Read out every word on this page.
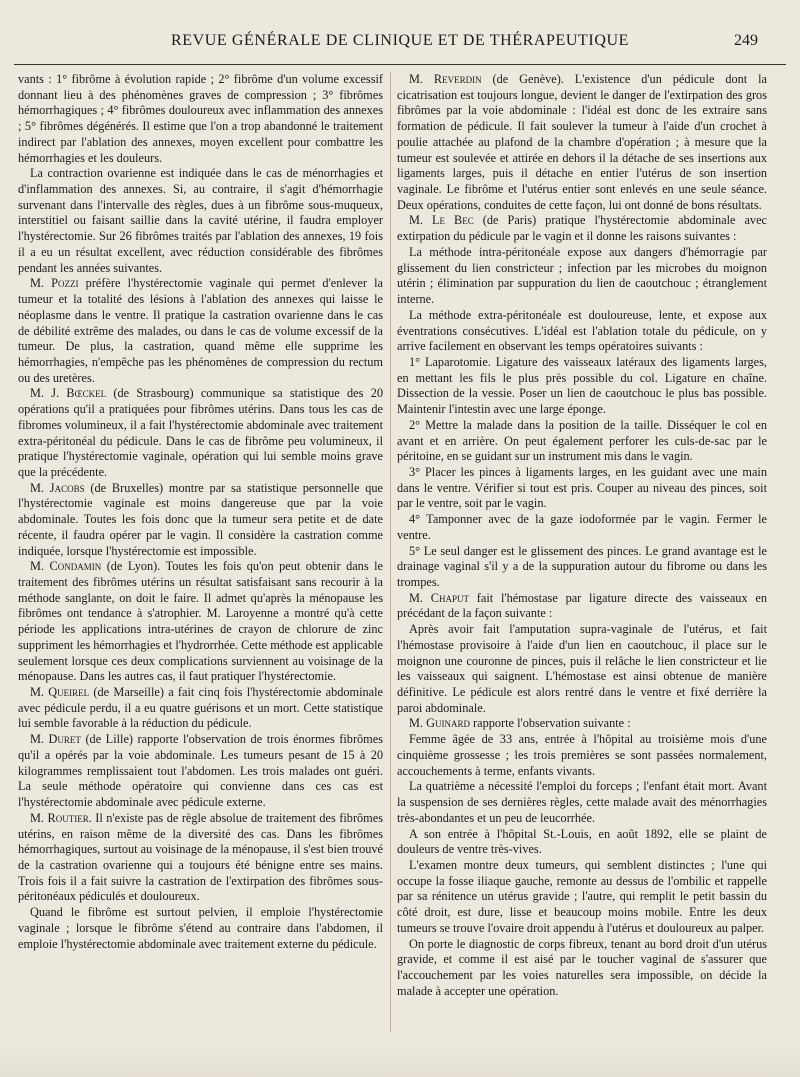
REVUE GÉNÉRALE DE CLINIQUE ET DE THÉRAPEUTIQUE	249

vants : 1° fibrôme à évolution rapide ; 2° fibrôme d'un volume excessif donnant lieu à des phénomènes graves de compression ; 3° fibrômes hémorrhagiques ; 4° fibrômes douloureux avec inflammation des annexes ; 5° fibrômes dégénérés. Il estime que l'on a trop abandonné le traitement indirect par l'ablation des annexes, moyen excellent pour combattre les hémorrhagies et les douleurs.

La contraction ovarienne est indiquée dans le cas de ménorrhagies et d'inflammation des annexes. Si, au contraire, il s'agit d'hémorrhagie survenant dans l'intervalle des règles, dues à un fibrôme sous-muqueux, interstitiel ou faisant saillie dans la cavité utérine, il faudra employer l'hystérectomie. Sur 26 fibrômes traités par l'ablation des annexes, 19 fois il a eu un résultat excellent, avec réduction considérable des fibrômes pendant les années suivantes.

M. Pozzi préfère l'hystérectomie vaginale qui permet d'enlever la tumeur et la totalité des lésions à l'ablation des annexes qui laisse le néoplasme dans le ventre. Il pratique la castration ovarienne dans le cas de débilité extrême des malades, ou dans le cas de volume excessif de la tumeur. De plus, la castration, quand même elle supprime les hémorrhagies, n'empêche pas les phénomènes de compression du rectum ou des uretères.

M. J. Bœckel (de Strasbourg) communique sa statistique des 20 opérations qu'il a pratiquées pour fibrômes utérins. Dans tous les cas de fibromes volumineux, il a fait l'hystérectomie abdominale avec traitement extra-péritonéal du pédicule. Dans le cas de fibrôme peu volumineux, il pratique l'hystérectomie vaginale, opération qui lui semble moins grave que la précédente.

M. Jacobs (de Bruxelles) montre par sa statistique personnelle que l'hystérectomie vaginale est moins dangereuse que par la voie abdominale. Toutes les fois donc que la tumeur sera petite et de date récente, il faudra opérer par le vagin. Il considère la castration comme indiquée, lorsque l'hystérectomie est impossible.

M. Condamin (de Lyon). Toutes les fois qu'on peut obtenir dans le traitement des fibrômes utérins un résultat satisfaisant sans recourir à la méthode sanglante, on doit le faire. Il admet qu'après la ménopause les fibrômes ont tendance à s'atrophier. M. Laroyenne a montré qu'à cette période les applications intra-utérines de crayon de chlorure de zinc suppriment les hémorrhagies et l'hydrorrhée. Cette méthode est applicable seulement lorsque ces deux complications surviennent au voisinage de la ménopause. Dans les autres cas, il faut pratiquer l'hystérectomie.

M. Queirel (de Marseille) a fait cinq fois l'hystérectomie abdominale avec pédicule perdu, il a eu quatre guérisons et un mort. Cette statistique lui semble favorable à la réduction du pédicule.

M. Duret (de Lille) rapporte l'observation de trois énormes fibrômes qu'il a opérés par la voie abdominale. Les tumeurs pesant de 15 à 20 kilogrammes remplissaient tout l'abdomen. Les trois malades ont guéri. La seule méthode opératoire qui convienne dans ces cas est l'hystérectomie abdominale avec pédicule externe.

M. Routier. Il n'existe pas de règle absolue de traitement des fibrômes utérins, en raison même de la diversité des cas. Dans les fibrômes hémorrhagiques, surtout au voisinage de la ménopause, il s'est bien trouvé de la castration ovarienne qui a toujours été bénigne entre ses mains. Trois fois il a fait suivre la castration de l'extirpation des fibrômes sous-péritonéaux pédiculés et douloureux.

Quand le fibrôme est surtout pelvien, il emploie l'hystérectomie vaginale ; lorsque le fibrôme s'étend au contraire dans l'abdomen, il emploie l'hystérectomie abdominale avec traitement externe du pédicule.

M. Reverdin (de Genève). L'existence d'un pédicule dont la cicatrisation est toujours longue, devient le danger de l'extirpation des gros fibrômes par la voie abdominale : l'idéal est donc de les extraire sans formation de pédicule. Il fait soulever la tumeur à l'aide d'un crochet à poulie attachée au plafond de la chambre d'opération ; à mesure que la tumeur est soulevée et attirée en dehors il la détache de ses insertions aux ligaments larges, puis il détache en entier l'utérus de son insertion vaginale. Le fibrôme et l'utérus entier sont enlevés en une seule séance. Deux opérations, conduites de cette façon, lui ont donné de bons résultats.

M. Le Bec (de Paris) pratique l'hystérectomie abdominale avec extirpation du pédicule par le vagin et il donne les raisons suivantes :

La méthode intra-péritonéale expose aux dangers d'hémorragie par glissement du lien constricteur ; infection par les microbes du moignon utérin ; élimination par suppuration du lien de caoutchouc ; étranglement interne.

La méthode extra-péritonéale est douloureuse, lente, et expose aux éventrations consécutives. L'idéal est l'ablation totale du pédicule, on y arrive facilement en observant les temps opératoires suivants :

1° Laparotomie. Ligature des vaisseaux latéraux des ligaments larges, en mettant les fils le plus près possible du col. Ligature en chaîne. Dissection de la vessie. Poser un lien de caoutchouc le plus bas possible. Maintenir l'intestin avec une large éponge.

2° Mettre la malade dans la position de la taille. Disséquer le col en avant et en arrière. On peut également perforer les culs-de-sac par le péritoine, en se guidant sur un instrument mis dans le vagin.

3° Placer les pinces à ligaments larges, en les guidant avec une main dans le ventre. Vérifier si tout est pris. Couper au niveau des pinces, soit par le ventre, soit par le vagin.

4° Tamponner avec de la gaze iodoformée par le vagin. Fermer le ventre.

5° Le seul danger est le glissement des pinces. Le grand avantage est le drainage vaginal s'il y a de la suppuration autour du fibrome ou dans les trompes.

M. Chaput fait l'hémostase par ligature directe des vaisseaux en précédant de la façon suivante :

Après avoir fait l'amputation supra-vaginale de l'utérus, et fait l'hémostase provisoire à l'aide d'un lien en caoutchouc, il place sur le moignon une couronne de pinces, puis il relâche le lien constricteur et lie les vaisseaux qui saignent. L'hémostase est ainsi obtenue de manière définitive. Le pédicule est alors rentré dans le ventre et fixé derrière la paroi abdominale.

M. Guinard rapporte l'observation suivante :

Femme âgée de 33 ans, entrée à l'hôpital au troisième mois d'une cinquième grossesse ; les trois premières se sont passées normalement, accouchements à terme, enfants vivants.

La quatrième a nécessité l'emploi du forceps ; l'enfant était mort. Avant la suspension de ses dernières règles, cette malade avait des ménorrhagies très-abondantes et un peu de leucorrhée.

A son entrée à l'hôpital St.-Louis, en août 1892, elle se plaint de douleurs de ventre très-vives.

L'examen montre deux tumeurs, qui semblent distinctes ; l'une qui occupe la fosse iliaque gauche, remonte au dessus de l'ombilic et rappelle par sa rénitence un utérus gravide ; l'autre, qui remplit le petit bassin du côté droit, est dure, lisse et beaucoup moins mobile. Entre les deux tumeurs se trouve l'ovaire droit appendu à l'utérus et douloureux au palper.

On porte le diagnostic de corps fibreux, tenant au bord droit d'un utérus gravide, et comme il est aisé par le toucher vaginal de s'assurer que l'accouchement par les voies naturelles sera impossible, on décide la malade à accepter une opération.
